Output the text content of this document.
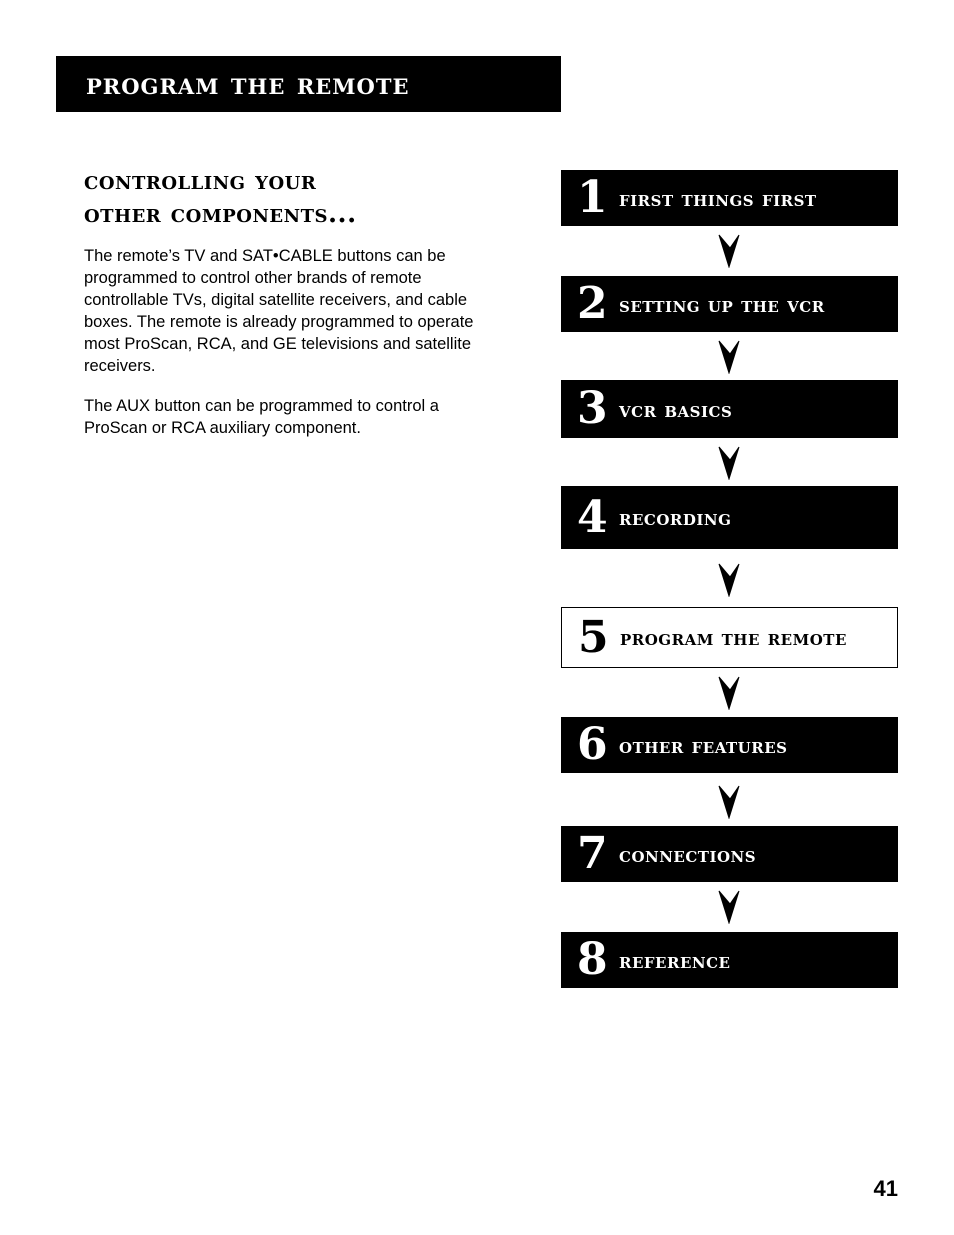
program the remote
controlling your
other components...

The remote’s TV and SAT•CABLE buttons can be programmed to control other brands of remote controllable TVs, digital satellite receivers, and cable boxes. The remote is already programmed to operate most ProScan, RCA, and GE televisions and satellite receivers.

The AUX button can be programmed to control a ProScan or RCA auxiliary component.

1 first things first
2 setting up the vcr
3 vcr basics
4 recording
5 program the remote
6 other features
7 connections
8 reference
41
